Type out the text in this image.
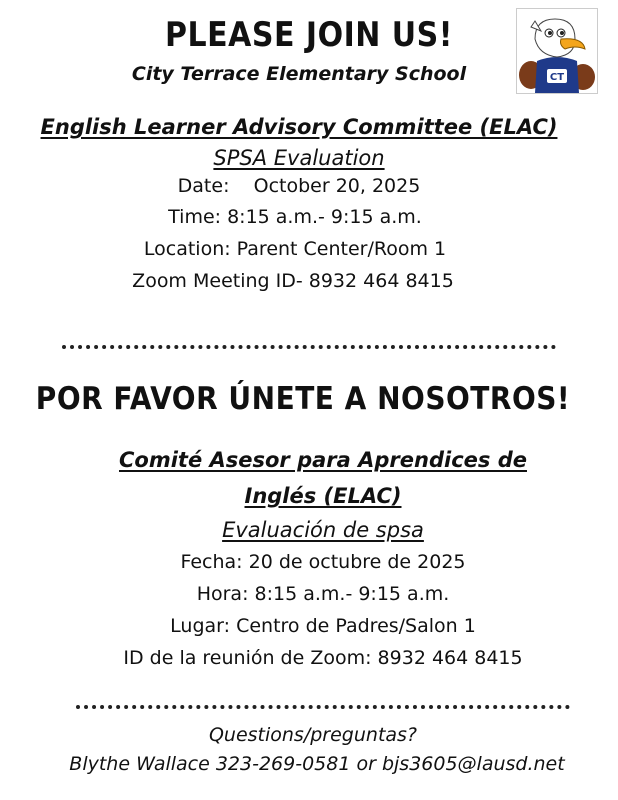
PLEASE JOIN US!
CT
City Terrace Elementary School
English Learner Advisory Committee (ELAC)
SPSA Evaluation
Date:    October 20, 2025
Time: 8:15 a.m.- 9:15 a.m.
Location: Parent Center/Room 1
Zoom Meeting ID- 8932 464 8415
POR FAVOR ÚNETE A NOSOTROS!
Comité Asesor para Aprendices de
Inglés (ELAC)
Evaluación de spsa
Fecha: 20 de octubre de 2025
Hora: 8:15 a.m.- 9:15 a.m.
Lugar: Centro de Padres/Salon 1
ID de la reunión de Zoom: 8932 464 8415
Questions/preguntas?
Blythe Wallace 323-269-0581 or bjs3605@lausd.net
